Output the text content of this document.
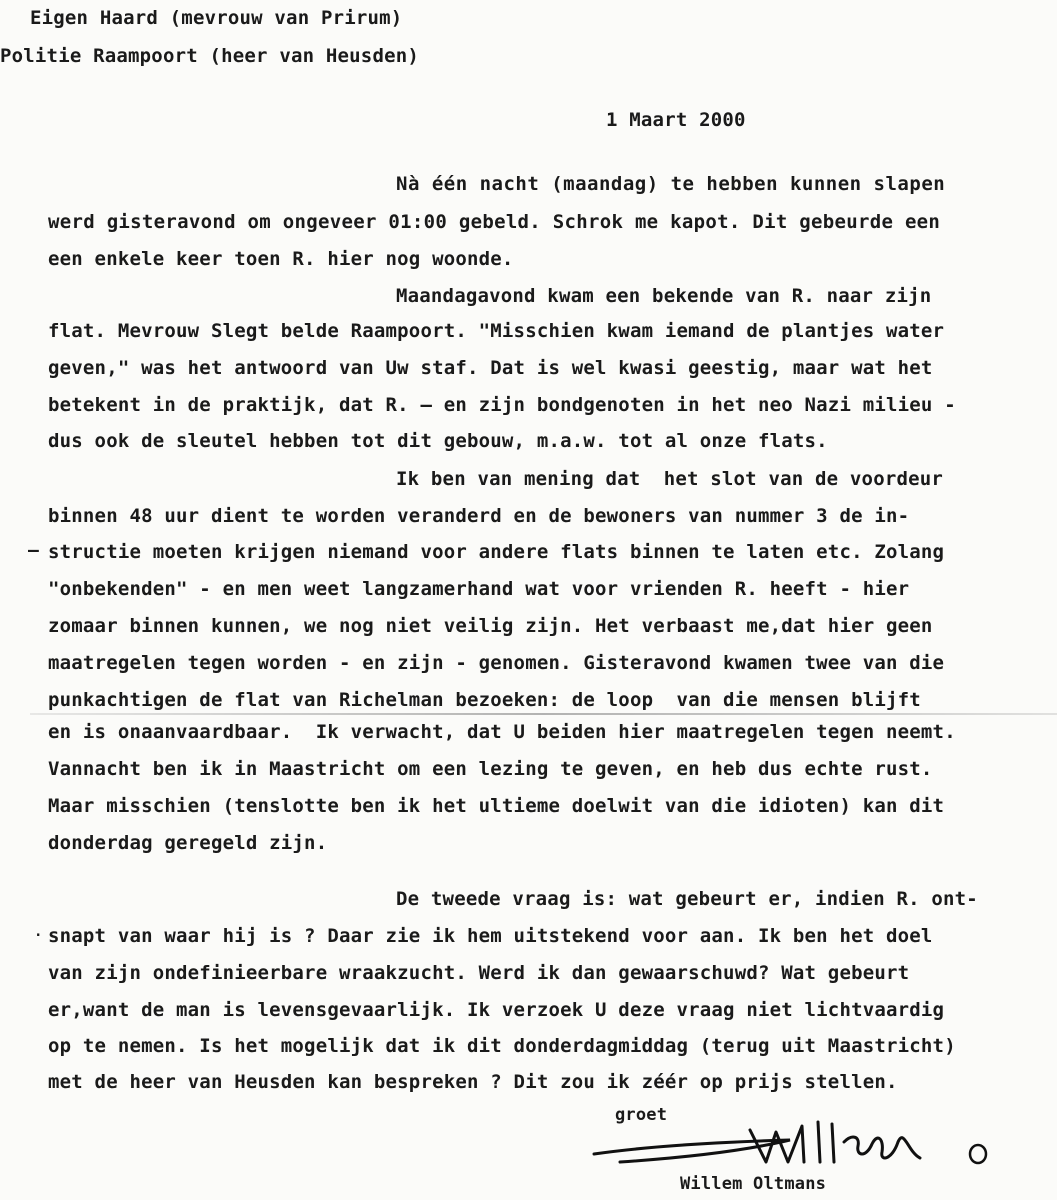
Eigen Haard (mevrouw van Prirum)
Politie Raampoort (heer van Heusden)
1 Maart 2000
Nà één nacht (maandag) te hebben kunnen slapen
werd gisteravond om ongeveer 01:00 gebeld. Schrok me kapot. Dit gebeurde een
een enkele keer toen R. hier nog woonde.
Maandagavond kwam een bekende van R. naar zijn
flat. Mevrouw Slegt belde Raampoort. "Misschien kwam iemand de plantjes water
geven," was het antwoord van Uw staf. Dat is wel kwasi geestig, maar wat het
betekent in de praktijk, dat R. — en zijn bondgenoten in het neo Nazi milieu -
dus ook de sleutel hebben tot dit gebouw, m.a.w. tot al onze flats.
Ik ben van mening dat  het slot van de voordeur
binnen 48 uur dient te worden veranderd en de bewoners van nummer 3 de in-
— structie moeten krijgen niemand voor andere flats binnen te laten etc. Zolang
"onbekenden" - en men weet langzamerhand wat voor vrienden R. heeft - hier
zomaar binnen kunnen, we nog niet veilig zijn. Het verbaast me,dat hier geen
maatregelen tegen worden - en zijn - genomen. Gisteravond kwamen twee van die
punkachtigen de flat van Richelman bezoeken: de loop  van die mensen blijft
en is onaanvaardbaar.  Ik verwacht, dat U beiden hier maatregelen tegen neemt.
Vannacht ben ik in Maastricht om een lezing te geven, en heb dus echte rust.
Maar misschien (tenslotte ben ik het ultieme doelwit van die idioten) kan dit
donderdag geregeld zijn.
De tweede vraag is: wat gebeurt er, indien R. ont-
. snapt van waar hij is ? Daar zie ik hem uitstekend voor aan. Ik ben het doel
van zijn ondefinieerbare wraakzucht. Werd ik dan gewaarschuwd? Wat gebeurt
er,want de man is levensgevaarlijk. Ik verzoek U deze vraag niet lichtvaardig
op te nemen. Is het mogelijk dat ik dit donderdagmiddag (terug uit Maastricht)
met de heer van Heusden kan bespreken ? Dit zou ik zéér op prijs stellen.
groet
Willem Oltmans
